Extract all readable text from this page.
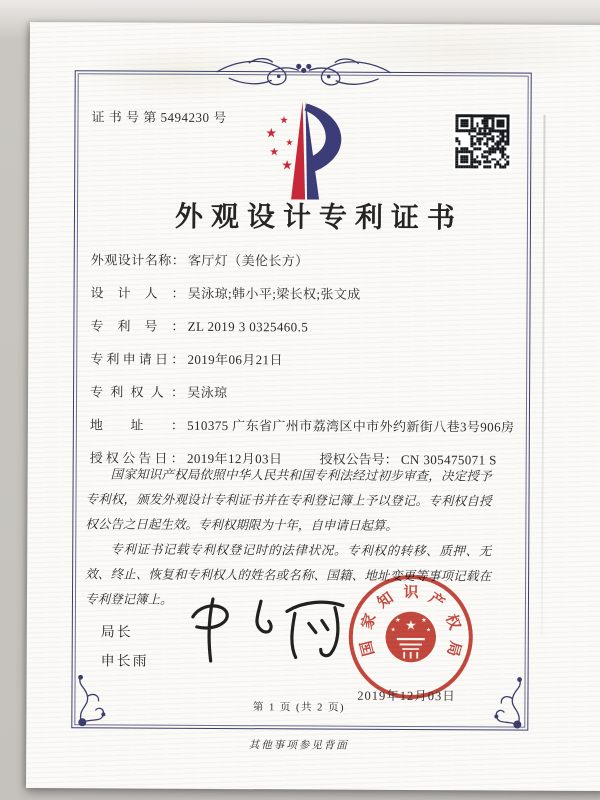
证 书 号 第 5494230 号
★
★
★
★
★
外观设计专利证书
外观设计名称： 客厅灯（美伦长方）
设计人： 吴泳琼;韩小平;梁长权;张文成
专利号： ZL 2019 3 0325460.5
专利申请日： 2019年06月21日
专利权人： 吴泳琼
地址： 510375 广东省广州市荔湾区中市外约新街八巷3号906房
授权公告日： 2019年12月03日	授权公告号： CN 305475071 S

国家知识产权局依照中华人民共和国专利法经过初步审查，决定授予专利权，颁发外观设计专利证书并在专利登记簿上予以登记。专利权自授权公告之日起生效。专利权期限为十年，自申请日起算。

专利证书记载专利权登记时的法律状况。专利权的转移、质押、无效、终止、恢复和专利权人的姓名或名称、国籍、地址变更等事项记载在专利登记簿上。

局长
申长雨
国
家
知 识 产
权
局
★
★	★
★	★
2019年12月03日
第 1 页 (共 2 页)
其他事项参见背面
